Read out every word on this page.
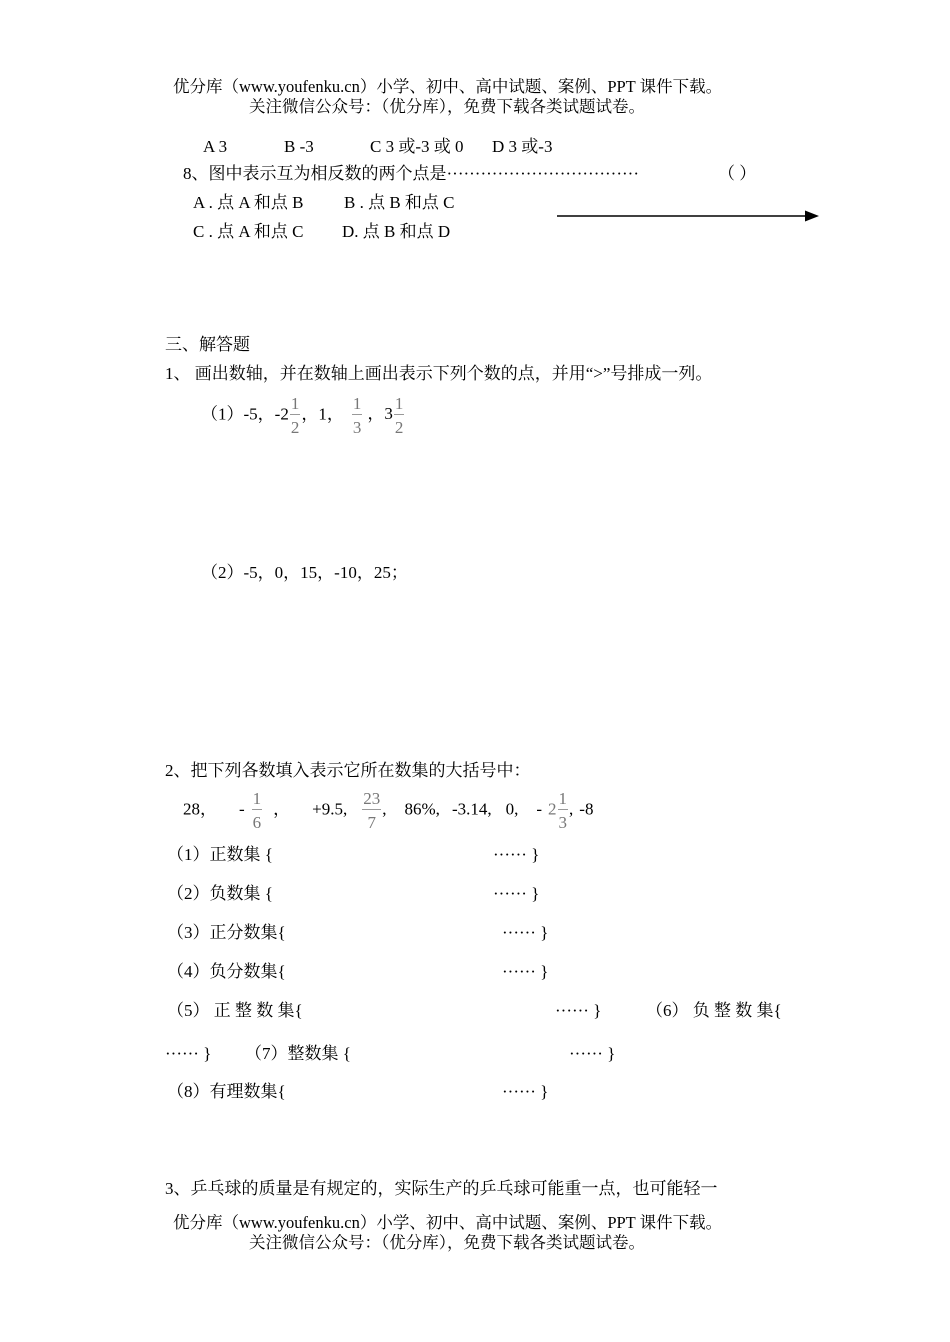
优分库（www.youfenku.cn）小学、初中、高中试题、案例、PPT 课件下载。
关注微信公众号：（优分库），免费下载各类试题试卷。
A 3	B -3	C 3 或-3 或 0 D 3 或-3
8、图中表示互为相反数的两个点是··································	（ ）
A . 点 A 和点 B B . 点 B 和点 C
C . 点 A 和点 C D. 点 B 和点 D
三、解答题
1、 画出数轴，并在数轴上画出表示下列个数的点，并用“>”号排成一列。
（1）-5，$-2 \frac{1}{2}$ ，1， $\frac{1}{3}$ ，$3 \frac{1}{2}$
（2）-5，0，15，-10，25；
2、把下列各数填入表示它所在数集的大括号中：
28， - $\frac{1}{6}$ ， +9.5, $\frac{23}{7}$ , 86%, -3.14, 0, - $2 \frac{1}{3}$ , -8
（1）正数集 {	······ }
（2）负数集 {	······ }
（3）正分数集{	······ }
（4）负分数集{	······ }
（5） 正 整 数 集{	······ }	（6） 负 整 数 集{
······ } （7）整数集 {	······ }
（8）有理数集{	······ }
3、乒乓球的质量是有规定的，实际生产的乒乓球可能重一点，也可能轻一
优分库（www.youfenku.cn）小学、初中、高中试题、案例、PPT 课件下载。
关注微信公众号：（优分库），免费下载各类试题试卷。
